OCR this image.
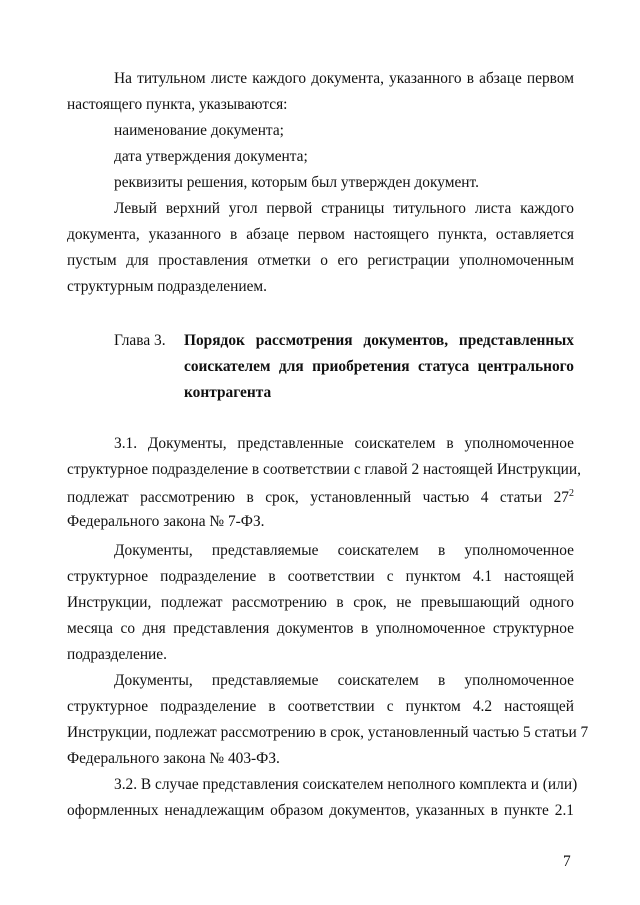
На титульном листе каждого документа, указанного в абзаце первом
настоящего пункта, указываются:
наименование документа;
дата утверждения документа;
реквизиты решения, которым был утвержден документ.
Левый верхний угол первой страницы титульного листа каждого
документа, указанного в абзаце первом настоящего пункта, оставляется
пустым для проставления отметки о его регистрации уполномоченным
структурным подразделением.
Глава 3. Порядок рассмотрения документов, представленных
соискателем для приобретения статуса центрального
контрагента
3.1. Документы, представленные соискателем в уполномоченное
структурное подразделение в соответствии с главой 2 настоящей Инструкции,
подлежат рассмотрению в срок, установленный частью 4 статьи $27^2$
Федерального закона № 7-ФЗ.
Документы, представляемые соискателем в уполномоченное
структурное подразделение в соответствии с пунктом 4.1 настоящей
Инструкции, подлежат рассмотрению в срок, не превышающий одного
месяца со дня представления документов в уполномоченное структурное
подразделение.
Документы, представляемые соискателем в уполномоченное
структурное подразделение в соответствии с пунктом 4.2 настоящей
Инструкции, подлежат рассмотрению в срок, установленный частью 5 статьи 7
Федерального закона № 403-ФЗ.
3.2. В случае представления соискателем неполного комплекта и (или)
оформленных ненадлежащим образом документов, указанных в пункте 2.1
7
